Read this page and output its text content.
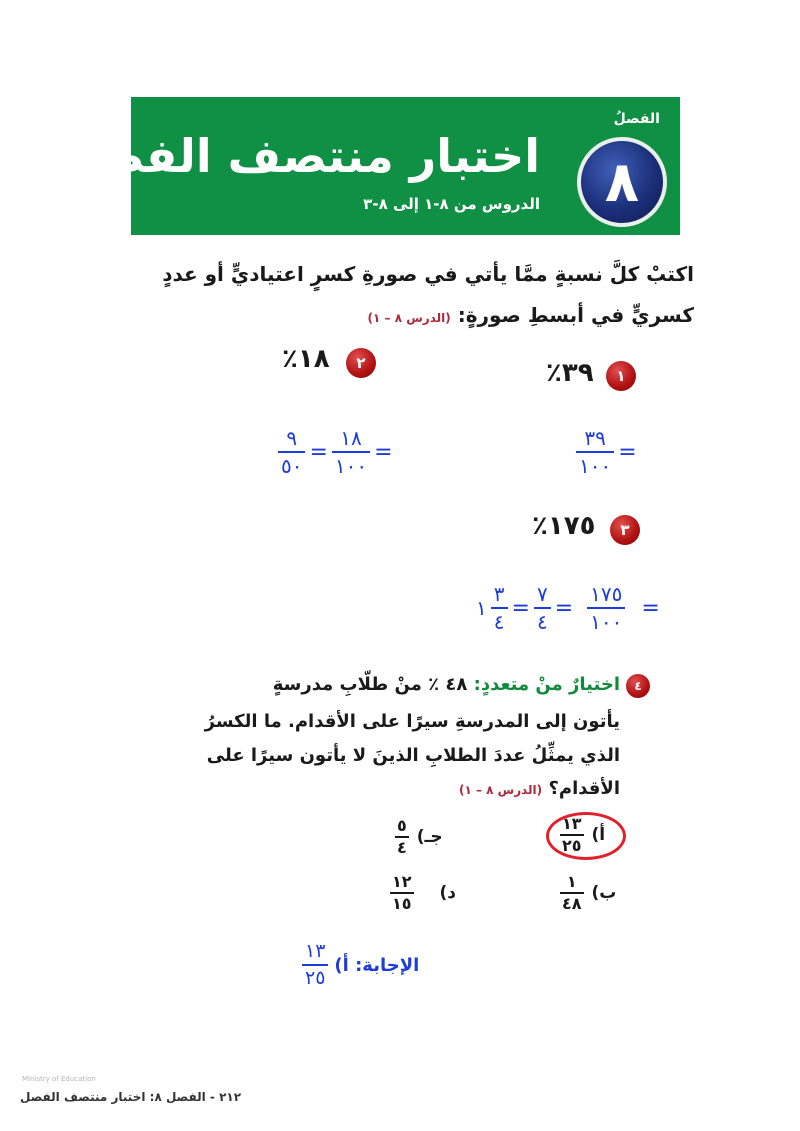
الفصلُ
٨
اختبار منتصف الفصل
الدروس من ٨-١ إلى ٨-٣
اكتبْ كلَّ نسبةٍ ممَّا يأتي في صورةِ كسرٍ اعتياديٍّ أو عددٍ
كسريٍّ في أبسطِ صورةٍ: (الدرس ٨ – ١)
١
٪٣٩
$\frac{٣٩}{١٠٠}$ =
٢
٪١٨
$\frac{٩}{٥٠} = \frac{١٨}{١٠٠}$ =
٣
٪١٧٥
١ $\frac{٣}{٤} = \frac{٧}{٤} = \frac{١٧٥}{١٠٠}$ =
٤
اختيارٌ منْ متعددٍ: ٤٨ ٪ منْ طلّابِ مدرسةٍ
يأتون إلى المدرسةِ سيرًا على الأقدام. ما الكسرُ
الذي يمثِّلُ عددَ الطلابِ الذينَ لا يأتون سيرًا على
الأقدام؟ (الدرس ٨ – ١)
أ)
١٣
٢٥
جـ)
٥
٤
ب)
١
٤٨
د)
١٢
١٥
الإجابة: أ)
$\frac{١٣}{٢٥}$
Ministry of Education
٢١٢ - الفصل ٨: اختبار منتصف الفصل
